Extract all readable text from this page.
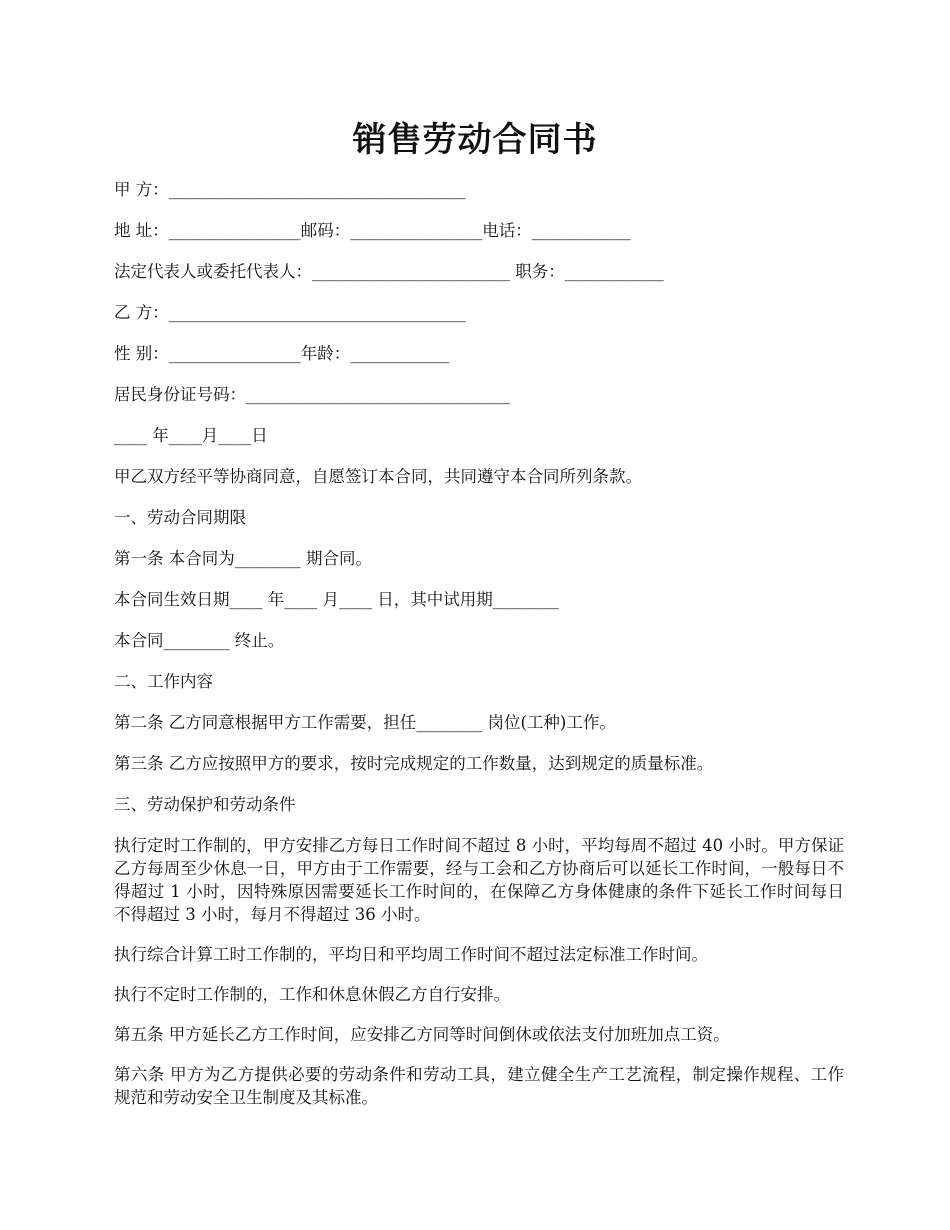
销售劳动合同书

甲 方：____________________________________

地 址：________________邮码：________________电话：____________

法定代表人或委托代表人：________________________ 职务：____________

乙 方：____________________________________

性 别：________________年龄：____________

居民身份证号码：________________________________

____ 年____月____日

甲乙双方经平等协商同意，自愿签订本合同，共同遵守本合同所列条款。

一、劳动合同期限

第一条 本合同为________ 期合同。

本合同生效日期____ 年____ 月____ 日，其中试用期________

本合同________ 终止。

二、工作内容

第二条 乙方同意根据甲方工作需要，担任________ 岗位(工种)工作。

第三条 乙方应按照甲方的要求，按时完成规定的工作数量，达到规定的质量标准。

三、劳动保护和劳动条件

执行定时工作制的，甲方安排乙方每日工作时间不超过 8 小时，平均每周不超过 40 小时。甲方保证乙方每周至少休息一日，甲方由于工作需要，经与工会和乙方协商后可以延长工作时间，一般每日不得超过 1 小时，因特殊原因需要延长工作时间的，在保障乙方身体健康的条件下延长工作时间每日不得超过 3 小时，每月不得超过 36 小时。

执行综合计算工时工作制的，平均日和平均周工作时间不超过法定标准工作时间。

执行不定时工作制的，工作和休息休假乙方自行安排。

第五条 甲方延长乙方工作时间，应安排乙方同等时间倒休或依法支付加班加点工资。

第六条 甲方为乙方提供必要的劳动条件和劳动工具，建立健全生产工艺流程，制定操作规程、工作规范和劳动安全卫生制度及其标准。
